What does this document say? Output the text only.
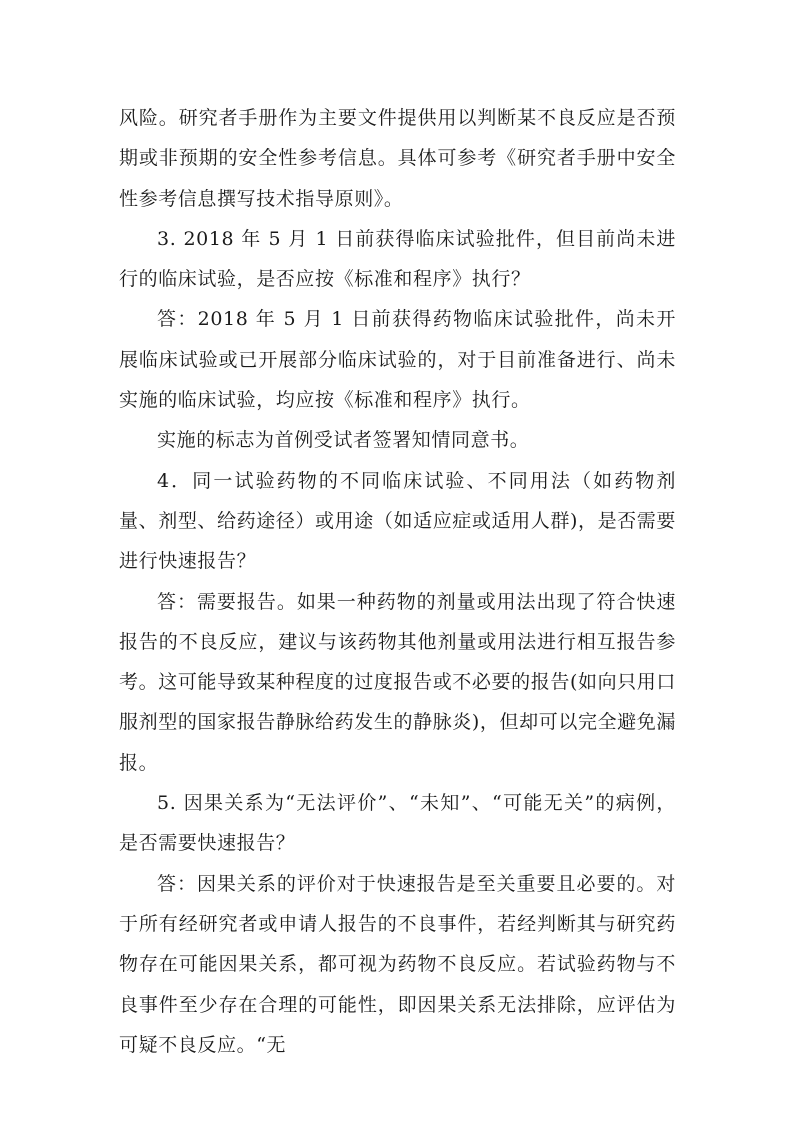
风险。研究者手册作为主要文件提供用以判断某不良反应是否预期或非预期的安全性参考信息。具体可参考《研究者手册中安全性参考信息撰写技术指导原则》。

3. 2018 年 5 月 1 日前获得临床试验批件，但目前尚未进行的临床试验，是否应按《标准和程序》执行？

答：2018 年 5 月 1 日前获得药物临床试验批件，尚未开展临床试验或已开展部分临床试验的，对于目前准备进行、尚未实施的临床试验，均应按《标准和程序》执行。

实施的标志为首例受试者签署知情同意书。

4．同一试验药物的不同临床试验、不同用法（如药物剂量、剂型、给药途径）或用途（如适应症或适用人群)，是否需要进行快速报告？

答：需要报告。如果一种药物的剂量或用法出现了符合快速报告的不良反应，建议与该药物其他剂量或用法进行相互报告参考。这可能导致某种程度的过度报告或不必要的报告(如向只用口服剂型的国家报告静脉给药发生的静脉炎)，但却可以完全避免漏报。

5. 因果关系为“无法评价”、“未知”、“可能无关”的病例，是否需要快速报告？

答：因果关系的评价对于快速报告是至关重要且必要的。对于所有经研究者或申请人报告的不良事件，若经判断其与研究药物存在可能因果关系，都可视为药物不良反应。若试验药物与不良事件至少存在合理的可能性，即因果关系无法排除，应评估为可疑不良反应。“无
